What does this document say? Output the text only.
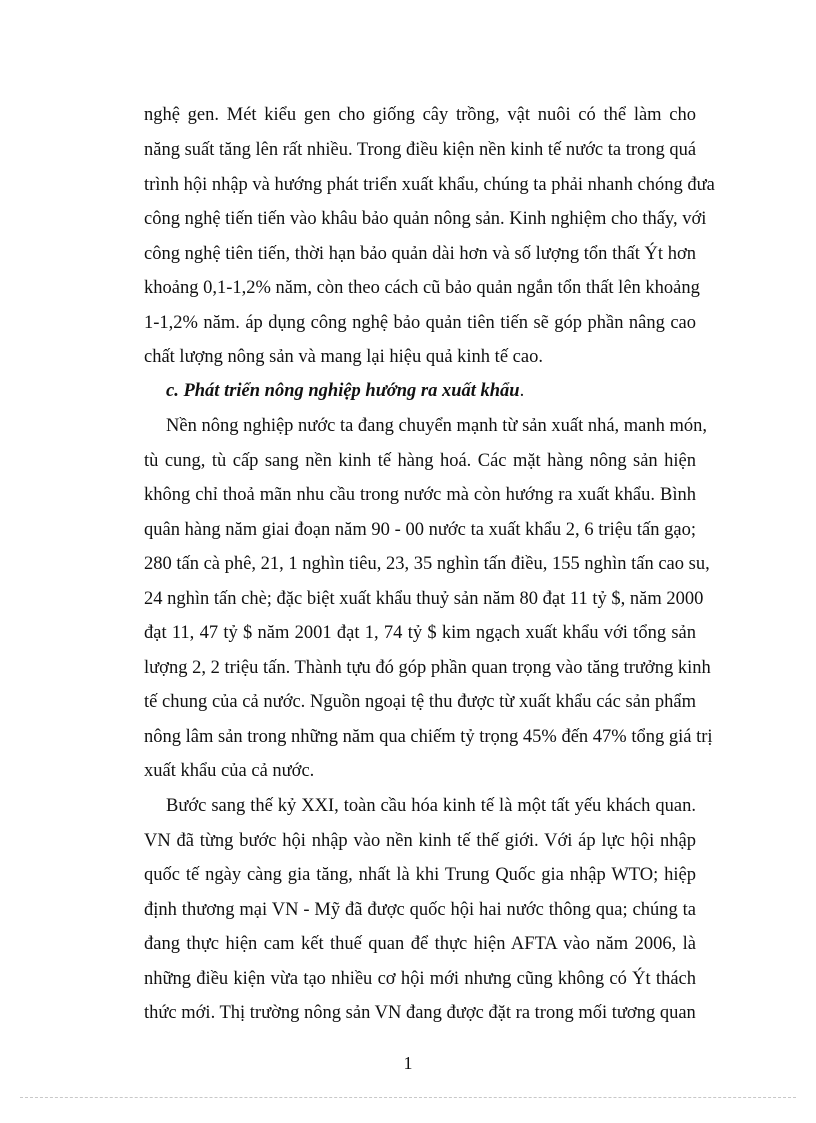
nghệ gen. Mét kiểu gen cho giống cây trồng, vật nuôi có thể làm cho
năng suất tăng lên rất nhiều. Trong điều kiện nền kinh tế nước ta trong quá
trình hội nhập và hướng phát triển xuất khẩu, chúng ta phải nhanh chóng đưa
công nghệ tiến tiến vào khâu bảo quản nông sản. Kinh nghiệm cho thấy, với
công nghệ tiên tiến, thời hạn bảo quản dài hơn và số lượng tổn thất Ýt hơn
khoảng 0,1-1,2% năm, còn theo cách cũ bảo quản ngắn tổn thất lên khoảng
1-1,2% năm. áp dụng công nghệ bảo quản tiên tiến sẽ góp phần nâng cao
chất lượng nông sản và mang lại hiệu quả kinh tế cao.
c. Phát triển nông nghiệp hướng ra xuất khẩu.
Nền nông nghiệp nước ta đang chuyển mạnh từ sản xuất nhá, manh món,
tù cung, tù cấp sang nền kinh tế hàng hoá. Các mặt hàng nông sản hiện
không chỉ thoả mãn nhu cầu trong nước mà còn hướng ra xuất khẩu. Bình
quân hàng năm giai đoạn năm 90 - 00 nước ta xuất khẩu 2, 6 triệu tấn gạo;
280 tấn cà phê, 21, 1 nghìn tiêu, 23, 35 nghìn tấn điều, 155 nghìn tấn cao su,
24 nghìn tấn chè; đặc biệt xuất khẩu thuỷ sản năm 80 đạt 11 tỷ $, năm 2000
đạt 11, 47 tỷ $ năm 2001 đạt 1, 74 tỷ $ kim ngạch xuất khẩu với tổng sản
lượng 2, 2 triệu tấn. Thành tựu đó góp phần quan trọng vào tăng trưởng kinh
tế chung của cả nước. Nguồn ngoại tệ thu được từ xuất khẩu các sản phẩm
nông lâm sản trong những năm qua chiếm tỷ trọng 45% đến 47% tổng giá trị
xuất khẩu của cả nước.
Bước sang thế kỷ XXI, toàn cầu hóa kinh tế là một tất yếu khách quan.
VN đã từng bước hội nhập vào nền kinh tế thế giới. Với áp lực hội nhập
quốc tế ngày càng gia tăng, nhất là khi Trung Quốc gia nhập WTO; hiệp
định thương mại VN - Mỹ đã được quốc hội hai nước thông qua; chúng ta
đang thực hiện cam kết thuế quan để thực hiện AFTA vào năm 2006, là
những điều kiện vừa tạo nhiều cơ hội mới nhưng cũng không có Ýt thách
thức mới. Thị trường nông sản VN đang được đặt ra trong mối tương quan
1
